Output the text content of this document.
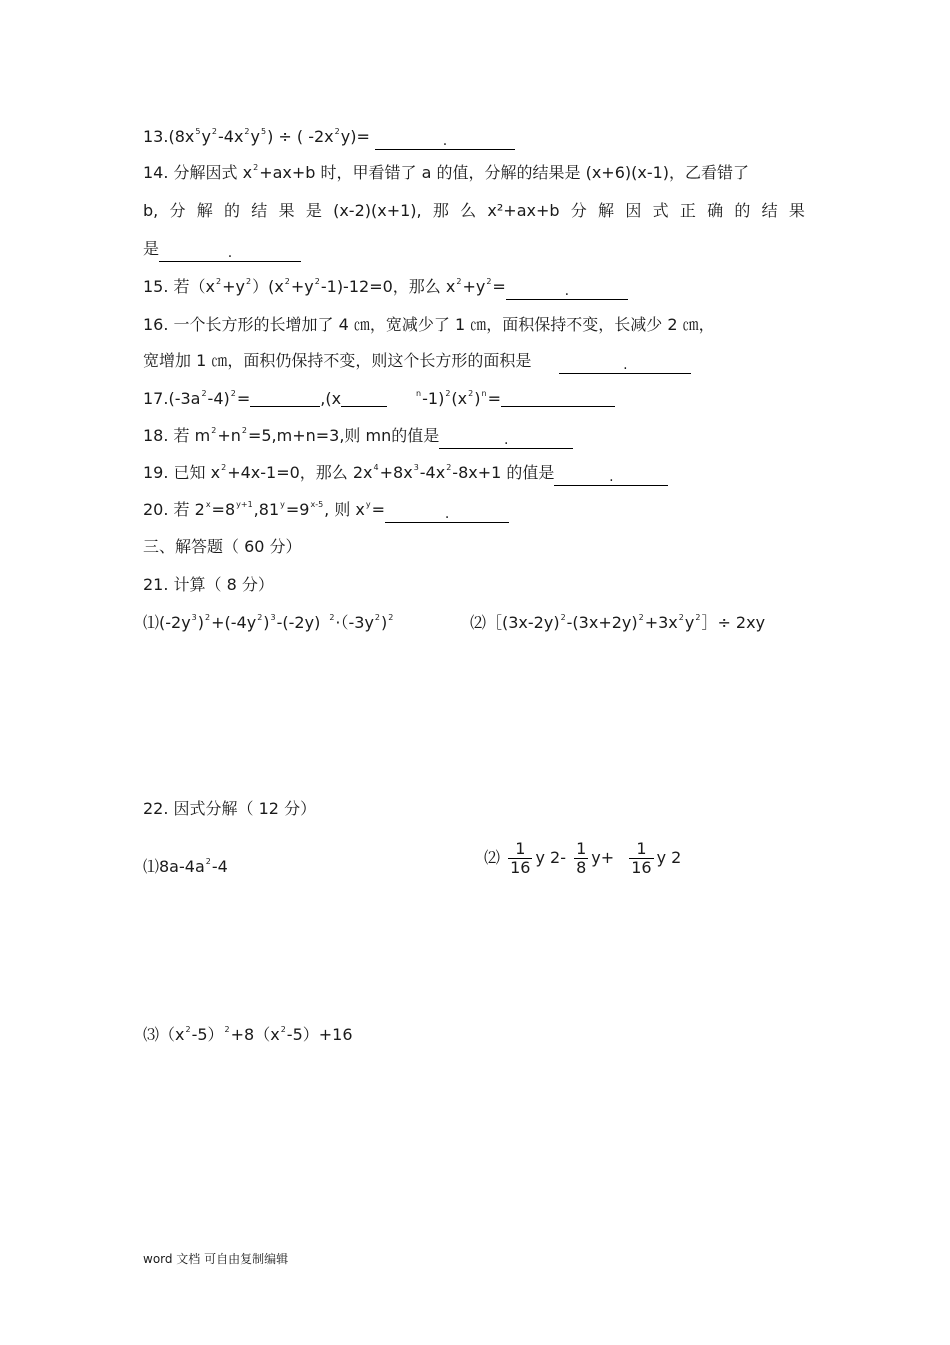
$13.(8x^5y^2-4x^2y^5)$ ÷ ( $-2x^2y)=$	.
14. 分解因式 $x^2+ax+b$ 时，甲看错了 a 的值，分解的结果是 (x+6)(x-1)，乙看错了
b, 分 解 的 结 果 是 (x-2)(x+1), 那 么 x²+ax+b 分 解 因 式 正 确 的 结 果
是	.
15. 若$(x^2+y^2)(x^2+y^2-1)-12=0$，那么 $x^2+y^2=$	.
16. 一个长方形的长增加了 4 ㎝，宽减少了 1 ㎝，面积保持不变，长减少 2 ㎝，
宽增加 1 ㎝，面积仍保持不变，则这个长方形的面积是	.
$17.(-3a^2-4)^2=$	,(x	$^n-1)^2(x^2)^n=$
18. 若 $m^2+n^2=5,m+n=3$,则 mn的值是	.
19. 已知 $x^2+4x-1=0$，那么 $2x^4+8x^3-4x^2-8x+1$ 的值是	.
20. 若 $2^x=8^{y+1},81^y=9^{x-5}$, 则 $x^y=$	.
三、解答题（ 60 分）
21. 计算（ 8 分）
$⑴(-2y^3)^2+(-4y^2)^3-(-2y)$ $^2\cdot(-3y^2)^2$	$⑵[(3x-2y)^2-(3x+2y)^2+3x^2y^2]\div 2xy$
22. 因式分解（ 12 分）
$⑴8a-4a^2-4$	⑵ $\frac{1}{16}$ y $2- \frac{1}{8} y+ \frac{1}{16}$ y 2
$⑶(x^2-5)^2+8(x^2-5)+16$
word 文档 可自由复制编辑
